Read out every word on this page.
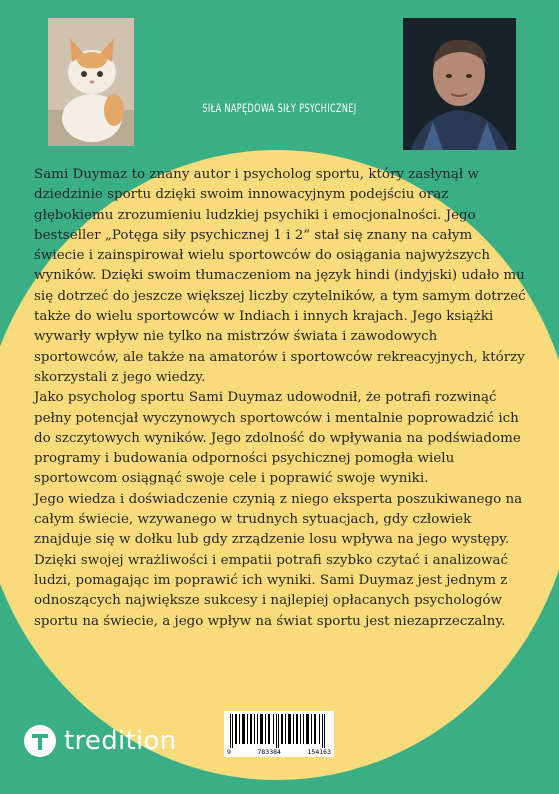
SIŁA NAPĘDOWA SIŁY PSYCHICZNEJ

Sami Duymaz to znany autor i psycholog sportu, który zasłynął w dziedzinie sportu dzięki swoim innowacyjnym podejściu oraz głębokiemu zrozumieniu ludzkiej psychiki i emocjonalności. Jego bestseller „Potęga siły psychicznej 1 i 2” stał się znany na całym świecie i zainspirował wielu sportowców do osiągania najwyższych wyników. Dzięki swoim tłumaczeniom na język hindi (indyjski) udało mu się dotrzeć do jeszcze większej liczby czytelników, a tym samym dotrzeć także do wielu sportowców w Indiach i innych krajach. Jego książki wywarły wpływ nie tylko na mistrzów świata i zawodowych sportowców, ale także na amatorów i sportowców rekreacyjnych, którzy skorzystali z jego wiedzy.

Jako psycholog sportu Sami Duymaz udowodnił, że potrafi rozwinąć pełny potencjał wyczynowych sportowców i mentalnie poprowadzić ich do szczytowych wyników. Jego zdolność do wpływania na podświadome programy i budowania odporności psychicznej pomogła wielu sportowcom osiągnąć swoje cele i poprawić swoje wyniki.

Jego wiedza i doświadczenie czynią z niego eksperta poszukiwanego na całym świecie, wzywanego w trudnych sytuacjach, gdy człowiek znajduje się w dołku lub gdy zrządzenie losu wpływa na jego występy.

Dzięki swojej wrażliwości i empatii potrafi szybko czytać i analizować ludzi, pomagając im poprawić ich wyniki. Sami Duymaz jest jednym z odnoszących największe sukcesy i najlepiej opłacanych psychologów sportu na świecie, a jego wpływ na świat sportu jest niezaprzeczalny.

tredition	9	783384	154163
